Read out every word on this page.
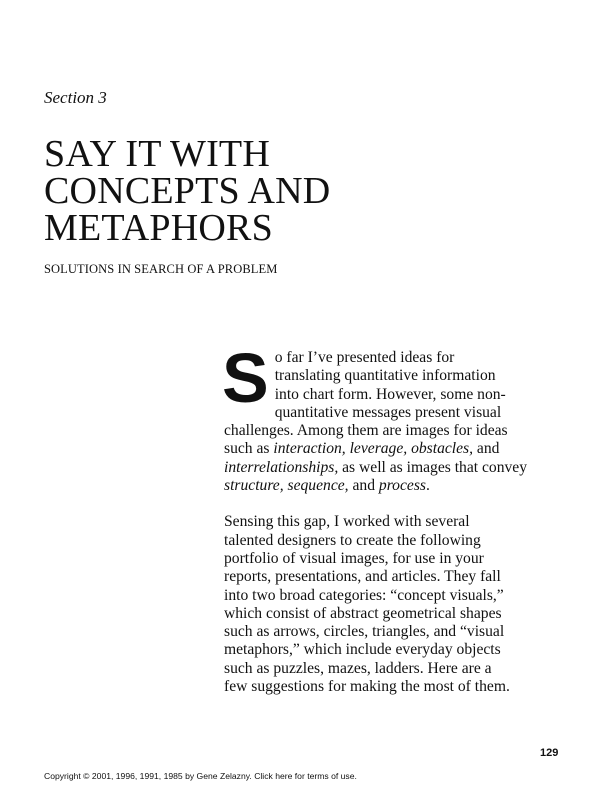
Section 3
SAY IT WITH
CONCEPTS AND
METAPHORS
SOLUTIONS IN SEARCH OF A PROBLEM

S o far I’ve presented ideas for
translating quantitative information
into chart form. However, some non-
quantitative messages present visual
challenges. Among them are images for ideas
such as interaction, leverage, obstacles, and
interrelationships, as well as images that convey
structure, sequence, and process.

Sensing this gap, I worked with several
talented designers to create the following
portfolio of visual images, for use in your
reports, presentations, and articles. They fall
into two broad categories: “concept visuals,”
which consist of abstract geometrical shapes
such as arrows, circles, triangles, and “visual
metaphors,” which include everyday objects
such as puzzles, mazes, ladders. Here are a
few suggestions for making the most of them.

129
Copyright © 2001, 1996, 1991, 1985 by Gene Zelazny. Click here for terms of use.
